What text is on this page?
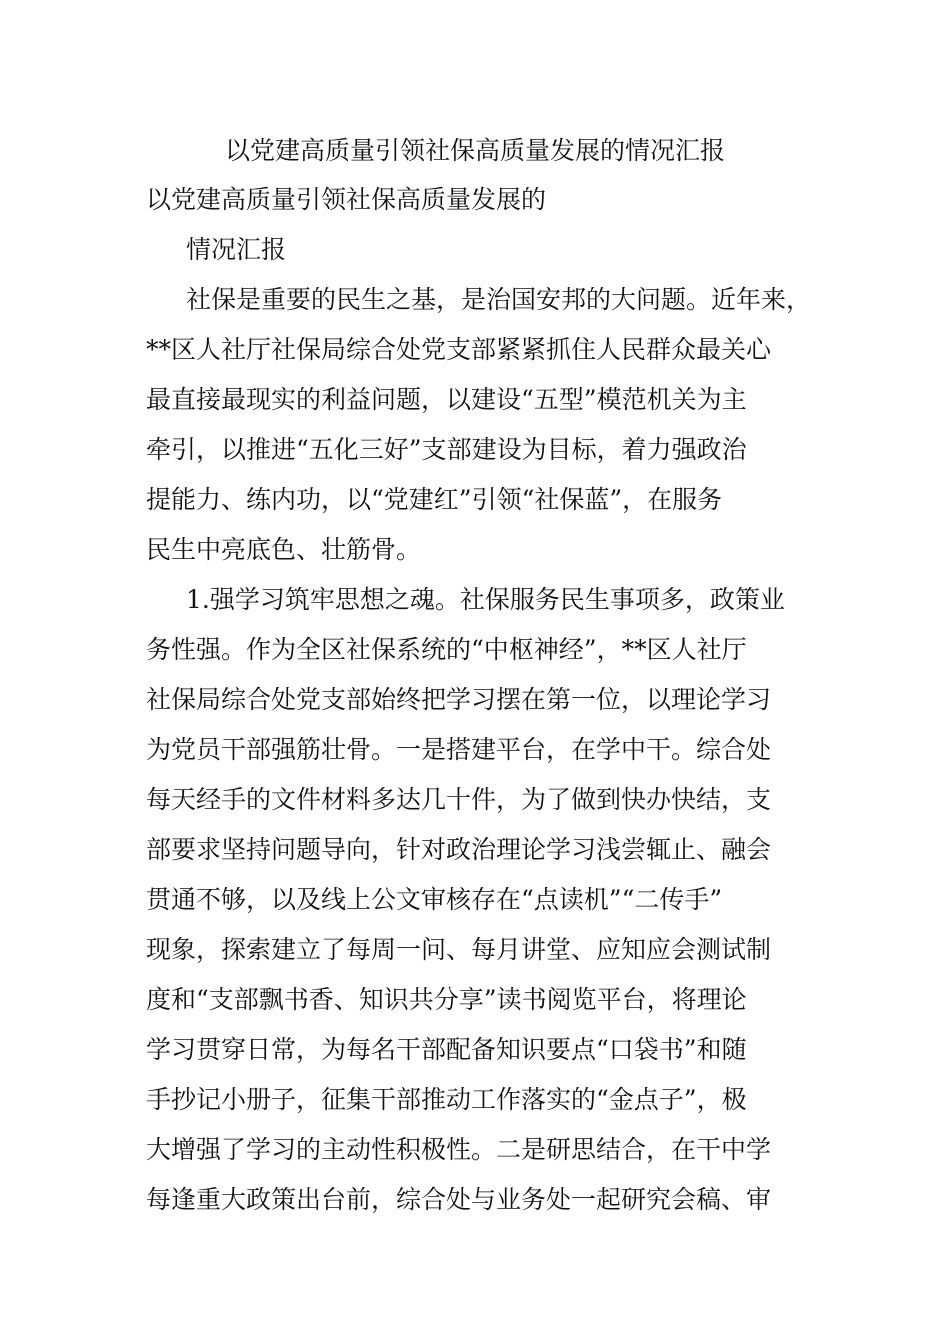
以党建高质量引领社保高质量发展的情况汇报
以党建高质量引领社保高质量发展的
情况汇报
社保是重要的民生之基，是治国安邦的大问题。近年来，
**区人社厅社保局综合处党支部紧紧抓住人民群众最关心
最直接最现实的利益问题，以建设“五型”模范机关为主
牵引，以推进“五化三好”支部建设为目标，着力强政治
提能力、练内功，以“党建红”引领“社保蓝”，在服务
民生中亮底色、壮筋骨。
1.强学习筑牢思想之魂。社保服务民生事项多，政策业
务性强。作为全区社保系统的“中枢神经”，**区人社厅
社保局综合处党支部始终把学习摆在第一位，以理论学习
为党员干部强筋壮骨。一是搭建平台，在学中干。综合处
每天经手的文件材料多达几十件，为了做到快办快结，支
部要求坚持问题导向，针对政治理论学习浅尝辄止、融会
贯通不够，以及线上公文审核存在“点读机”“二传手”
现象，探索建立了每周一问、每月讲堂、应知应会测试制
度和“支部飘书香、知识共分享”读书阅览平台，将理论
学习贯穿日常，为每名干部配备知识要点“口袋书”和随
手抄记小册子，征集干部推动工作落实的“金点子”，极
大增强了学习的主动性积极性。二是研思结合，在干中学
每逢重大政策出台前，综合处与业务处一起研究会稿、审
